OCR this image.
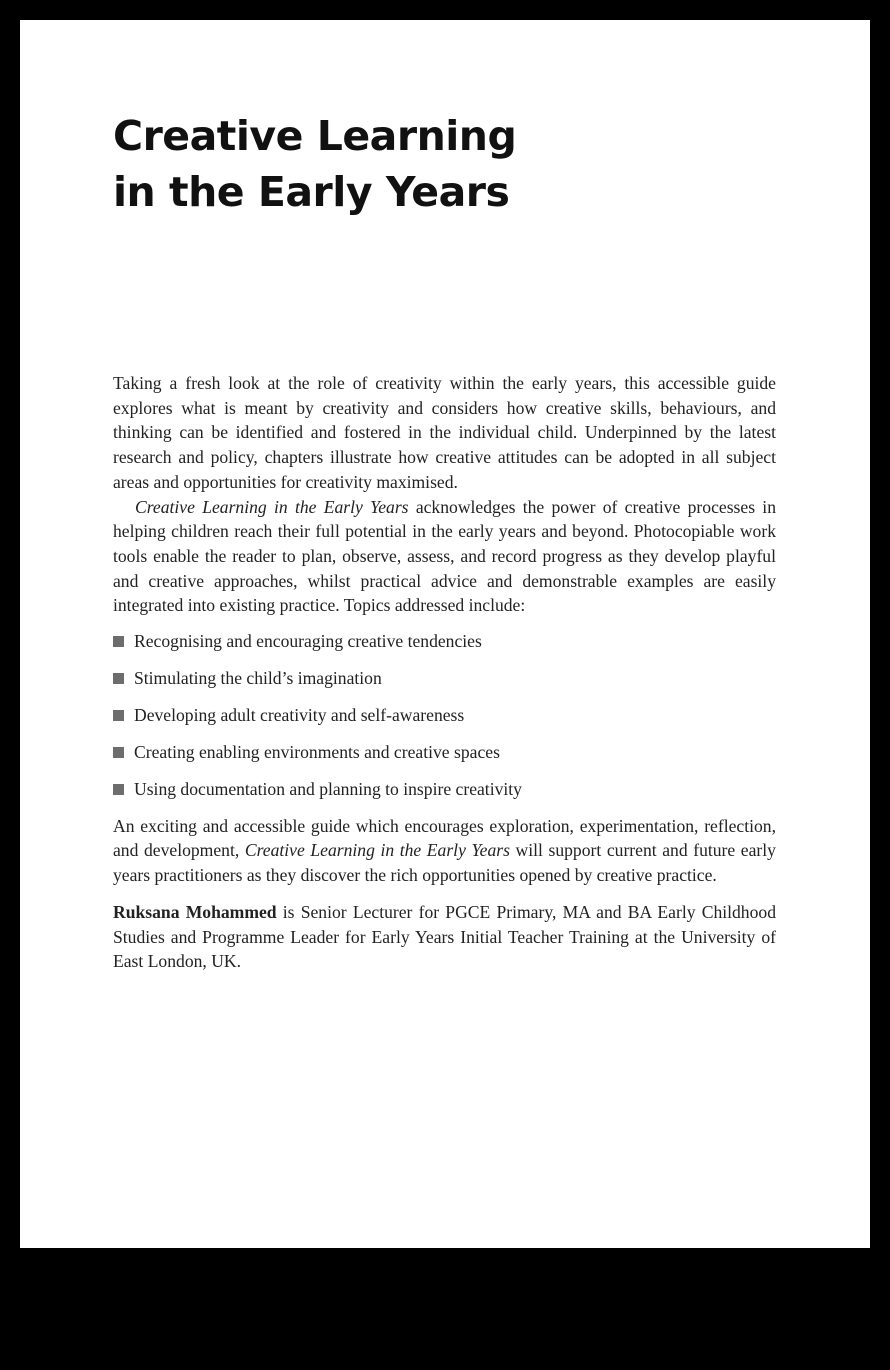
Creative Learning
in the Early Years

Taking a fresh look at the role of creativity within the early years, this accessible guide explores what is meant by creativity and considers how creative skills, behaviours, and thinking can be identified and fostered in the individual child. Underpinned by the latest research and policy, chapters illustrate how creative attitudes can be adopted in all subject areas and opportunities for creativity maximised.

Creative Learning in the Early Years acknowledges the power of creative processes in helping children reach their full potential in the early years and beyond. Photocopiable work tools enable the reader to plan, observe, assess, and record progress as they develop playful and creative approaches, whilst practical advice and demonstrable examples are easily integrated into existing practice. Topics addressed include:

Recognising and encouraging creative tendencies
Stimulating the child’s imagination
Developing adult creativity and self-awareness
Creating enabling environments and creative spaces
Using documentation and planning to inspire creativity

An exciting and accessible guide which encourages exploration, experimentation, reflection, and development, Creative Learning in the Early Years will support current and future early years practitioners as they discover the rich opportunities opened by creative practice.

Ruksana Mohammed is Senior Lecturer for PGCE Primary, MA and BA Early Childhood Studies and Programme Leader for Early Years Initial Teacher Training at the University of East London, UK.
